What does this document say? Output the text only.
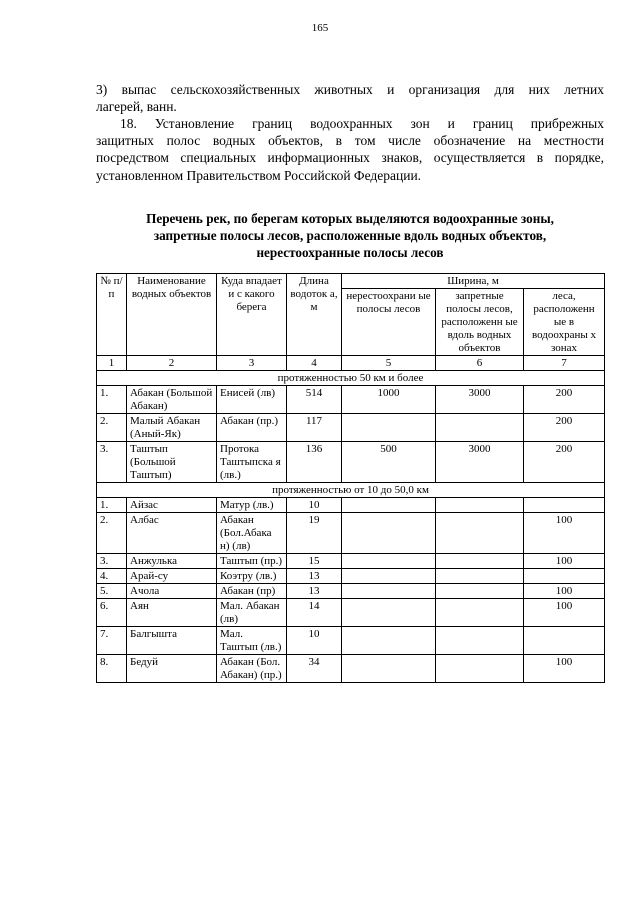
165
3) выпас сельскохозяйственных животных и организация для них летних
лагерей, ванн.
18. Установление границ водоохранных зон и границ прибрежных
защитных полос водных объектов, в том числе обозначение на местности
посредством специальных информационных знаков, осуществляется в порядке,
установленном Правительством Российской Федерации.
Перечень рек, по берегам которых выделяются водоохранные зоны,
запретные полосы лесов, расположенные вдоль водных объектов,
нерестоохранные полосы лесов
№ п/п	Наименование водных объектов	Куда впадает и с какого берега	Длина водоток а, м	Ширина, м		
				нерестоохрани ые полосы лесов	запретные полосы лесов, расположенн ые вдоль водных объектов	леса, расположенн ые в водоохраны х зонах
1	2	3	4	5	6	7
протяженностью 50 км и более						
1.	Абакан (Большой Абакан)	Енисей (лв)	514	1000	3000	200
2.	Малый Абакан (Аный-Як)	Абакан (пр.)	117			200
3.	Таштып (Большой Таштып)	Протока Таштыпска я (лв.)	136	500	3000	200
протяженностью от 10 до 50,0 км						
1.	Айзас	Матур (лв.)	10			
2.	Албас	Абакан (Бол.Абака н) (лв)	19			100
3.	Анжулька	Таштып (пр.)	15			100
4.	Арай-су	Коэтру (лв.)	13			
5.	Ачола	Абакан (пр)	13			100
6.	Аян	Мал. Абакан (лв)	14			100
7.	Балгышта	Мал. Таштып (лв.)	10			
8.	Бедуй	Абакан (Бол. Абакан) (пр.)	34			100
